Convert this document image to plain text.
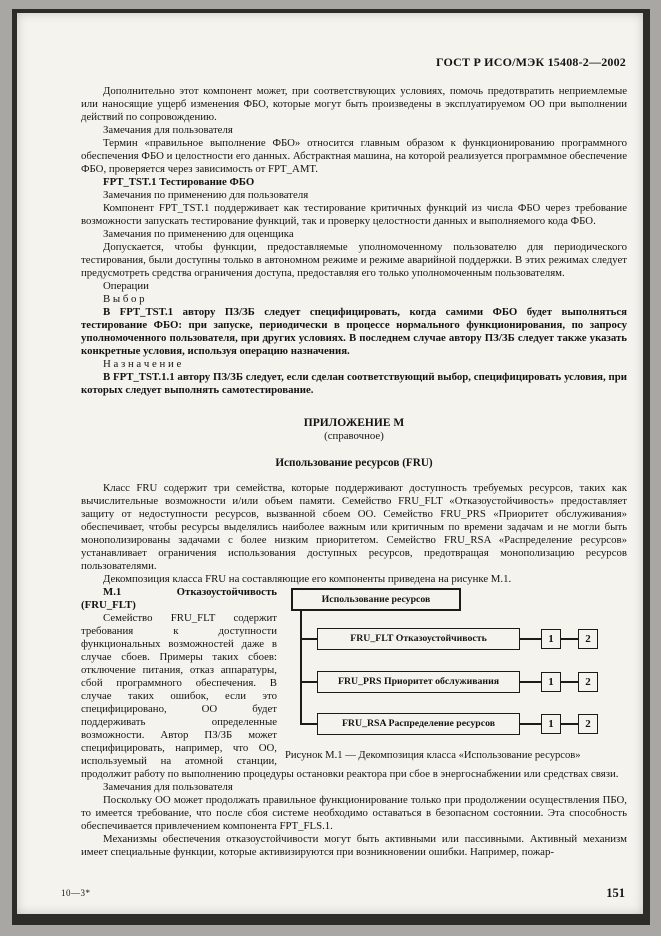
ГОСТ Р ИСО/МЭК 15408-2—2002

Дополнительно этот компонент может, при соответствующих условиях, помочь предотвратить неприемлемые или наносящие ущерб изменения ФБО, которые могут быть произведены в эксплуатируемом ОО при выполнении действий по сопровождению.

Замечания для пользователя

Термин «правильное выполнение ФБО» относится главным образом к функционированию программного обеспечения ФБО и целостности его данных. Абстрактная машина, на которой реализуется программное обеспечение ФБО, проверяется через зависимость от FPT_AMT.

FPT_TST.1 Тестирование ФБО

Замечания по применению для пользователя

Компонент FPT_TST.1 поддерживает как тестирование критичных функций из числа ФБО через требование возможности запускать тестирование функций, так и проверку целостности данных и выполняемого кода ФБО.

Замечания по применению для оценщика

Допускается, чтобы функции, предоставляемые уполномоченному пользователю для периодического тестирования, были доступны только в автономном режиме и режиме аварийной поддержки. В этих режимах следует предусмотреть средства ограничения доступа, предоставляя его только уполномоченным пользователям.

Операции

В ы б о р

В FPT_TST.1 автору ПЗ/ЗБ следует специфицировать, когда самими ФБО будет выполняться тестирование ФБО: при запуске, периодически в процессе нормального функционирования, по запросу уполномоченного пользователя, при других условиях. В последнем случае автору ПЗ/ЗБ следует также указать конкретные условия, используя операцию назначения.

Н а з н а ч е н и е

В FPT_TST.1.1 автору ПЗ/ЗБ следует, если сделан соответствующий выбор, специфицировать условия, при которых следует выполнять самотестирование.

ПРИЛОЖЕНИЕ М

(справочное)

Использование ресурсов (FRU)

Класс FRU содержит три семейства, которые поддерживают доступность требуемых ресурсов, таких как вычислительные возможности и/или объем памяти. Семейство FRU_FLT «Отказоустойчивость» предоставляет защиту от недоступности ресурсов, вызванной сбоем ОО. Семейство FRU_PRS «Приоритет обслуживания» обеспечивает, чтобы ресурсы выделялись наиболее важным или критичным по времени задачам и не могли быть монополизированы задачами с более низким приоритетом. Семейство FRU_RSA «Распределение ресурсов» устанавливает ограничения использования доступных ресурсов, предотвращая монополизацию ресурсов пользователями.

Декомпозиция класса FRU на составляющие его компоненты приведена на рисунке М.1.

Использование ресурсов
FRU_FLT Отказоустойчивость	1	2
FRU_PRS Приоритет обслуживания	1	2
FRU_RSA Распределение ресурсов	1	2

Рисунок М.1 — Декомпозиция класса «Использование ресурсов»

М.1 Отказоустойчивость (FRU_FLT)

Семейство FRU_FLT содержит требования к доступности функциональных возможностей даже в случае сбоев. Примеры таких сбоев: отключение питания, отказ аппаратуры, сбой программного обеспечения. В случае таких ошибок, если это специфицировано, ОО будет поддерживать определенные возможности. Автор ПЗ/ЗБ может специфицировать, например, что ОО, используемый на атомной станции, продолжит работу по выполнению процедуры остановки реактора при сбое в энергоснабжении или средствах связи.

Замечания для пользователя

Поскольку ОО может продолжать правильное функционирование только при продолжении осуществления ПБО, то имеется требование, что после сбоя системе необходимо оставаться в безопасном состоянии. Эта способность обеспечивается привлечением компонента FPT_FLS.1.

Механизмы обеспечения отказоустойчивости могут быть активными или пассивными. Активный механизм имеет специальные функции, которые активизируются при возникновении ошибки. Например, пожар-

10—3*	151
